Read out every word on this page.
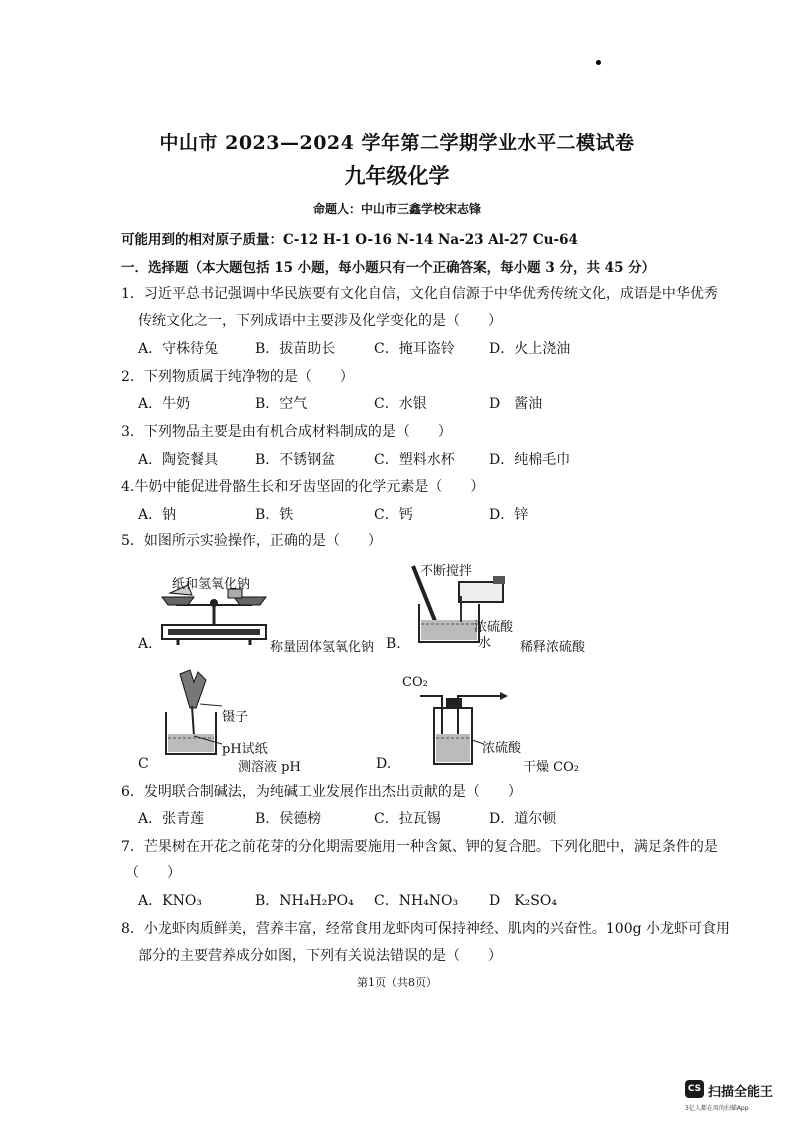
中山市 2023—2024 学年第二学期学业水平二模试卷
九年级化学
命题人：中山市三鑫学校宋志锋
可能用到的相对原子质量：C-12 H-1 O-16 N-14 Na-23 Al-27 Cu-64
一．选择题（本大题包括 15 小题，每小题只有一个正确答案，每小题 3 分，共 45 分）
1．习近平总书记强调中华民族要有文化自信，文化自信源于中华优秀传统文化，成语是中华优秀
传统文化之一，下列成语中主要涉及化学变化的是（　　）
A．守株待兔	B．拔苗助长	C．掩耳盗铃 D．火上浇油
2．下列物质属于纯净物的是（　　）
A．牛奶	B．空气	C．水银	D　酱油
3．下列物品主要是由有机合成材料制成的是（　　）
A．陶瓷餐具	B．不锈钢盆	C．塑料水杯 D．纯棉毛巾
4.牛奶中能促进骨骼生长和牙齿坚固的化学元素是（　　）
A．钠	B．铁	C．钙	D．锌
5．如图所示实验操作，正确的是（　　）
纸和氢氧化钠
A.	称量固体氢氧化钠 B.
不断搅拌
浓硫酸
水 稀释浓硫酸
镊子
pH试纸
C	测溶液 pH
CO₂
浓硫酸
D.	干燥 CO₂
6．发明联合制碱法，为纯碱工业发展作出杰出贡献的是（　　）
A．张青莲	B．侯德榜	C．拉瓦锡	D．道尔顿
7．芒果树在开花之前花芽的分化期需要施用一种含氮、钾的复合肥。下列化肥中，满足条件的是
（　　）
A．KNO₃	B．NH₄H₂PO₄ C．NH₄NO₃ D　K₂SO₄
8．小龙虾肉质鲜美，营养丰富，经常食用龙虾肉可保持神经、肌肉的兴奋性。100g 小龙虾可食用
部分的主要营养成分如图，下列有关说法错误的是（　　）
第1页（共8页）
CS 扫描全能王
3亿人都在用的扫描App
